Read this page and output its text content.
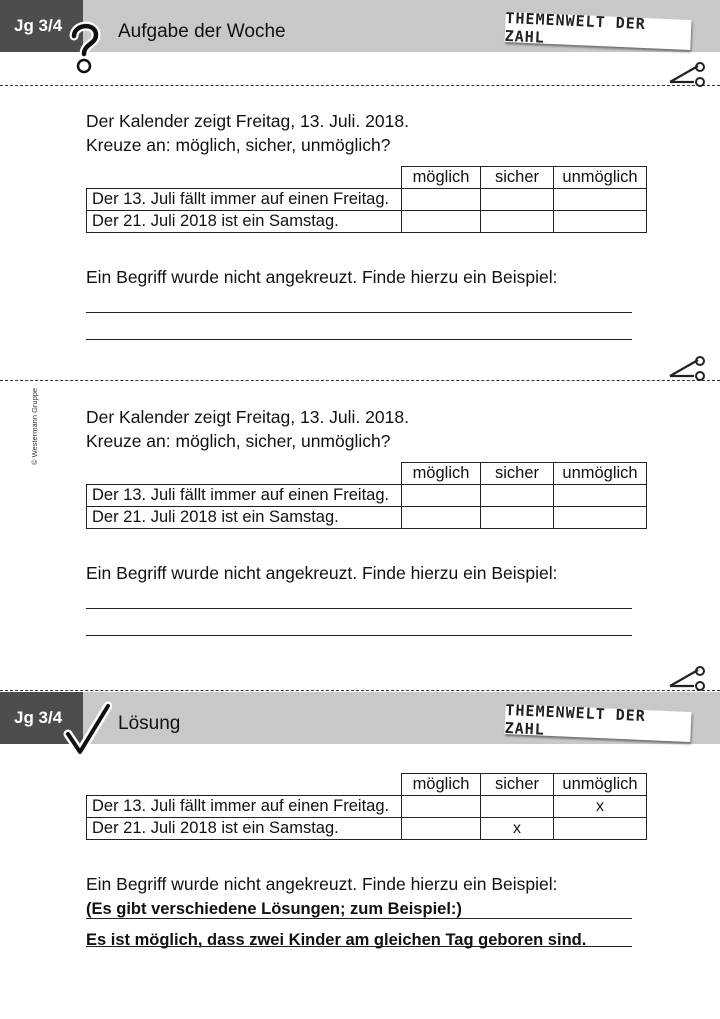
Jg 3/4	Aufgabe der Woche	THEMENWELT DER ZAHL
© Westermann Gruppe
Der Kalender zeigt Freitag, 13. Juli. 2018.
Kreuze an: möglich, sicher, unmöglich?
	möglich	sicher	unmöglich
Der 13. Juli fällt immer auf einen Freitag.			
Der 21. Juli 2018 ist ein Samstag.			
Ein Begriff wurde nicht angekreuzt. Finde hierzu ein Beispiel:
Der Kalender zeigt Freitag, 13. Juli. 2018.
Kreuze an: möglich, sicher, unmöglich?
	möglich	sicher	unmöglich
Der 13. Juli fällt immer auf einen Freitag.			
Der 21. Juli 2018 ist ein Samstag.			
Ein Begriff wurde nicht angekreuzt. Finde hierzu ein Beispiel:
Jg 3/4	Lösung	THEMENWELT DER ZAHL
	möglich	sicher	unmöglich
Der 13. Juli fällt immer auf einen Freitag.			x
Der 21. Juli 2018 ist ein Samstag.		x	
Ein Begriff wurde nicht angekreuzt. Finde hierzu ein Beispiel:
(Es gibt verschiedene Lösungen; zum Beispiel:)
Es ist möglich, dass zwei Kinder am gleichen Tag geboren sind.
